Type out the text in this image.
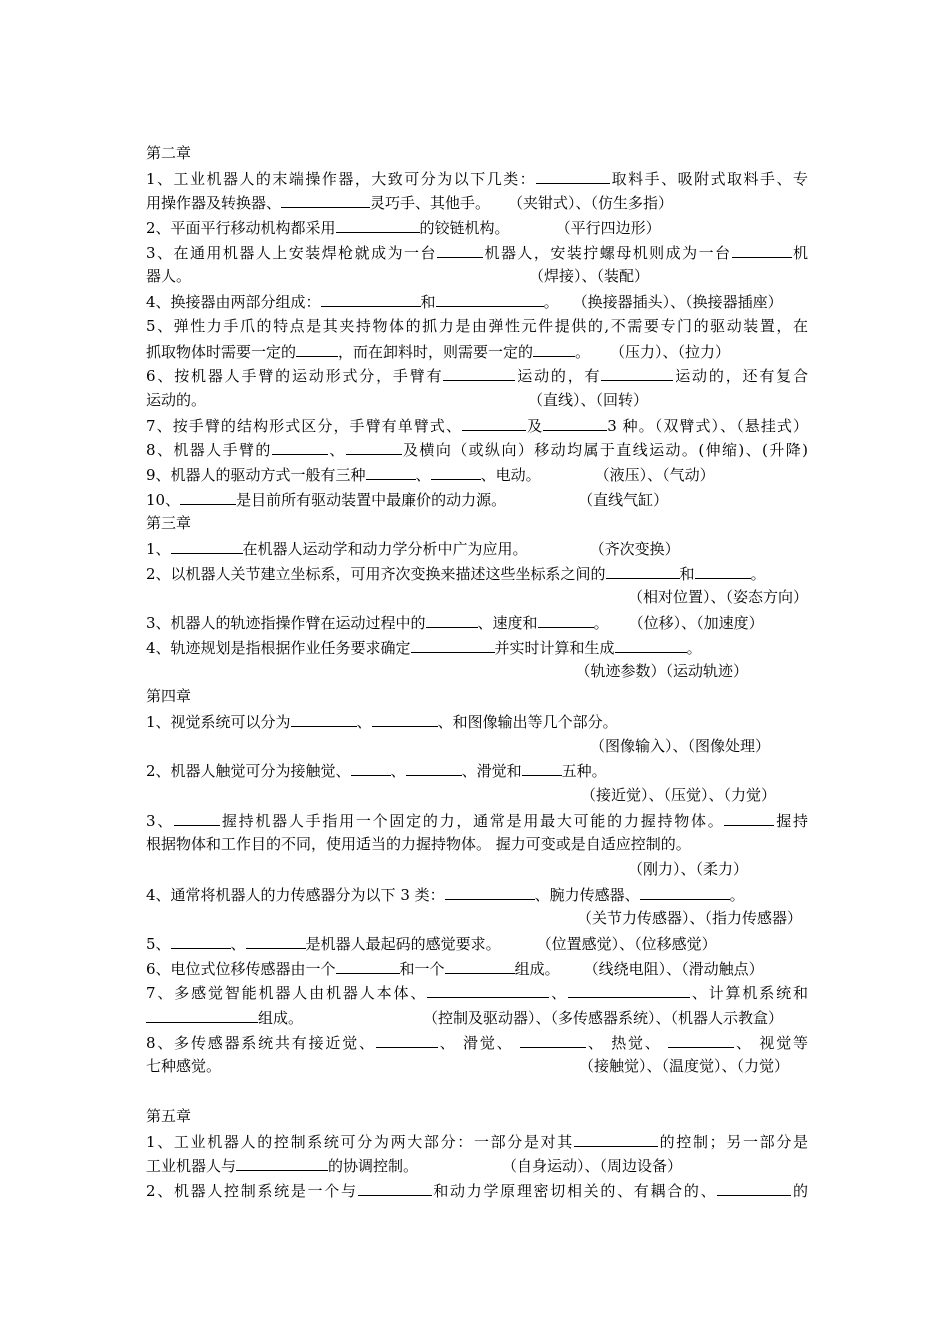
第二章
1、工业机器人的末端操作器，大致可分为以下几类：	取料手、吸附式取料手、专
用操作器及转换器、	灵巧手、其他手。 （夹钳式）、（仿生多指）
2、平面平行移动机构都采用	的铰链机构。	（平行四边形）
3、在通用机器人上安装焊枪就成为一台	机器人，安装拧螺母机则成为一台	机
器人。	（焊接）、（装配）
4、换接器由两部分组成：	和	。 （换接器插头）、（换接器插座）
5、弹性力手爪的特点是其夹持物体的抓力是由弹性元件提供的,不需要专门的驱动装置，在
抓取物体时需要一定的	，而在卸料时，则需要一定的	。 （压力）、（拉力）
6、按机器人手臂的运动形式分，手臂有	运动的，有	运动的，还有复合
运动的。	（直线）、（回转）
7、按手臂的结构形式区分，手臂有单臂式、	及	3 种。（双臂式）、（悬挂式）
8、机器人手臂的	、	及横向（或纵向）移动均属于直线运动。(伸缩)、(升降)
9、机器人的驱动方式一般有三种	、	、电动。	（液压）、（气动）
10、	是目前所有驱动装置中最廉价的动力源。	（直线气缸）
第三章
1、	在机器人运动学和动力学分析中广为应用。	（齐次变换）
2、以机器人关节建立坐标系，可用齐次变换来描述这些坐标系之间的	和	。
（相对位置）、（姿态方向）
3、机器人的轨迹指操作臂在运动过程中的	、速度和	。 （位移）、（加速度）
4、轨迹规划是指根据作业任务要求确定	并实时计算和生成	。
（轨迹参数）（运动轨迹）
第四章
1、视觉系统可以分为	、	、和图像输出等几个部分。
（图像输入）、（图像处理）
2、机器人触觉可分为接触觉、	、	、滑觉和	五种。
（接近觉）、（压觉）、（力觉）
3、	握持机器人手指用一个固定的力，通常是用最大可能的力握持物体。	握持
根据物体和工作目的不同，使用适当的力握持物体。 握力可变或是自适应控制的。
（刚力）、（柔力）
4、通常将机器人的力传感器分为以下 3 类：	、腕力传感器、	。
（关节力传感器）、（指力传感器）
5、	、	是机器人最起码的感觉要求。 （位置感觉）、（位移感觉）
6、电位式位移传感器由一个	和一个	组成。 （线绕电阻）、（滑动触点）
7、多感觉智能机器人由机器人本体、	、	、计算机系统和
组成。	（控制及驱动器）、（多传感器系统）、（机器人示教盒）
8、多传感器系统共有接近觉、	、 滑觉、	、 热觉、	、 视觉等
七种感觉。	（接触觉）、（温度觉）、（力觉）
第五章
1、工业机器人的控制系统可分为两大部分：一部分是对其	的控制；另一部分是
工业机器人与	的协调控制。	（自身运动）、（周边设备）
2、机器人控制系统是一个与	和动力学原理密切相关的、有耦合的、	的
